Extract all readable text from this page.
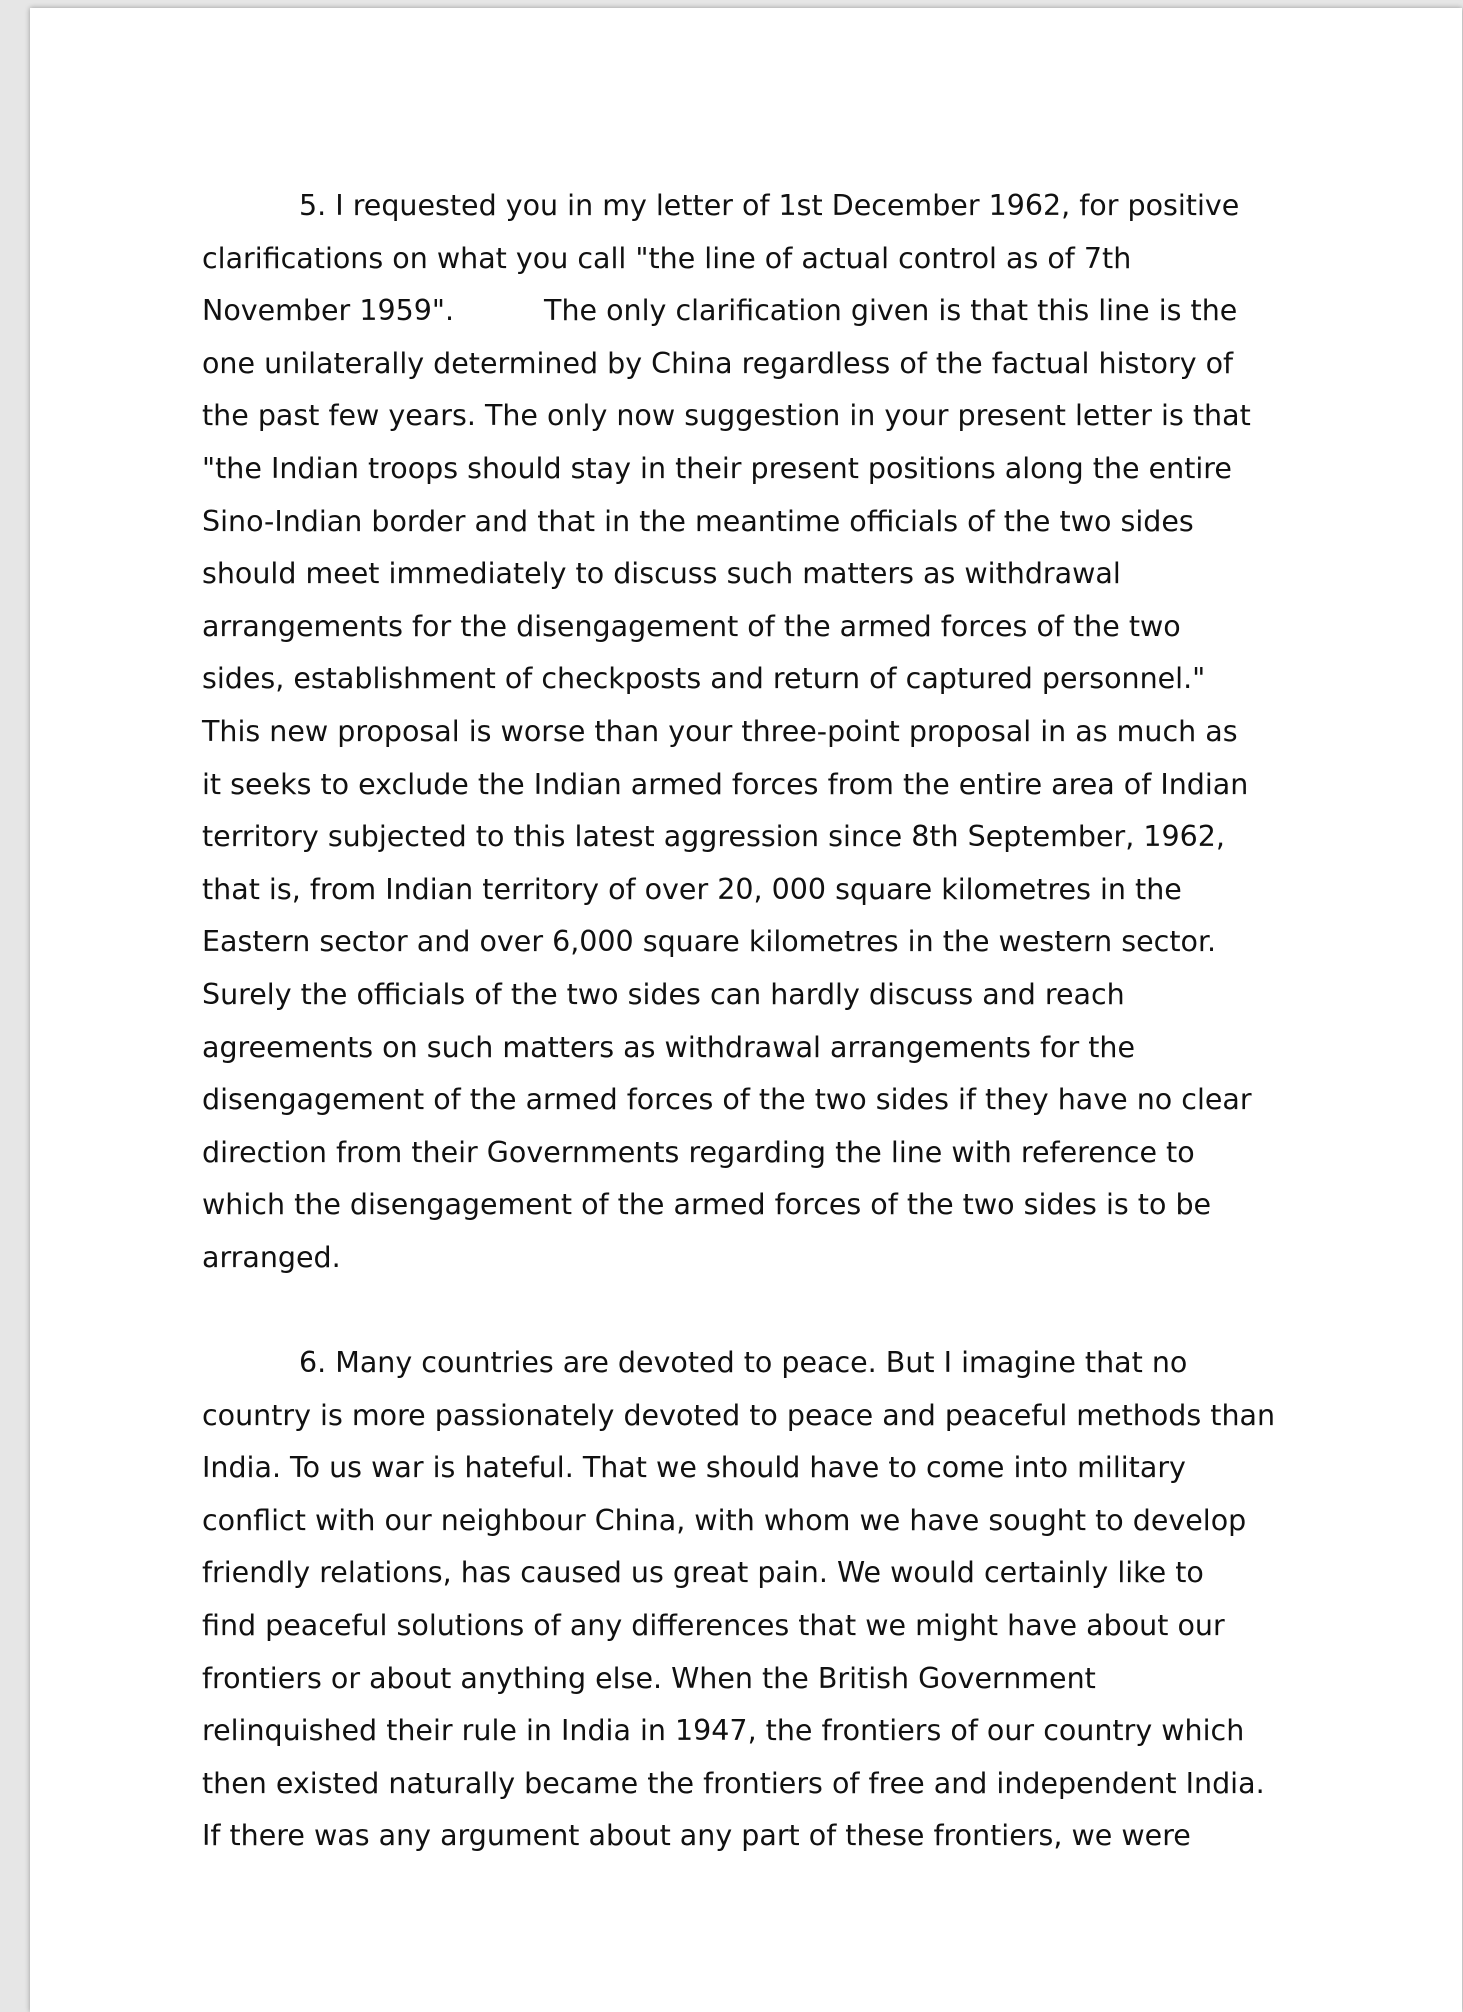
5. I requested you in my letter of 1st December 1962, for positive
clarifications on what you call "the line of actual control as of 7th
November 1959".	The only clarification given is that this line is the
one unilaterally determined by China regardless of the factual history of
the past few years. The only now suggestion in your present letter is that
"the Indian troops should stay in their present positions along the entire
Sino-Indian border and that in the meantime officials of the two sides
should meet immediately to discuss such matters as withdrawal
arrangements for the disengagement of the armed forces of the two
sides, establishment of checkposts and return of captured personnel."
This new proposal is worse than your three-point proposal in as much as
it seeks to exclude the Indian armed forces from the entire area of Indian
territory subjected to this latest aggression since 8th September, 1962,
that is, from Indian territory of over 20, 000 square kilometres in the
Eastern sector and over 6,000 square kilometres in the western sector.
Surely the officials of the two sides can hardly discuss and reach
agreements on such matters as withdrawal arrangements for the
disengagement of the armed forces of the two sides if they have no clear
direction from their Governments regarding the line with reference to
which the disengagement of the armed forces of the two sides is to be
arranged.
6. Many countries are devoted to peace. But I imagine that no
country is more passionately devoted to peace and peaceful methods than
India. To us war is hateful. That we should have to come into military
conflict with our neighbour China, with whom we have sought to develop
friendly relations, has caused us great pain. We would certainly like to
find peaceful solutions of any differences that we might have about our
frontiers or about anything else. When the British Government
relinquished their rule in India in 1947, the frontiers of our country which
then existed naturally became the frontiers of free and independent India.
If there was any argument about any part of these frontiers, we were
